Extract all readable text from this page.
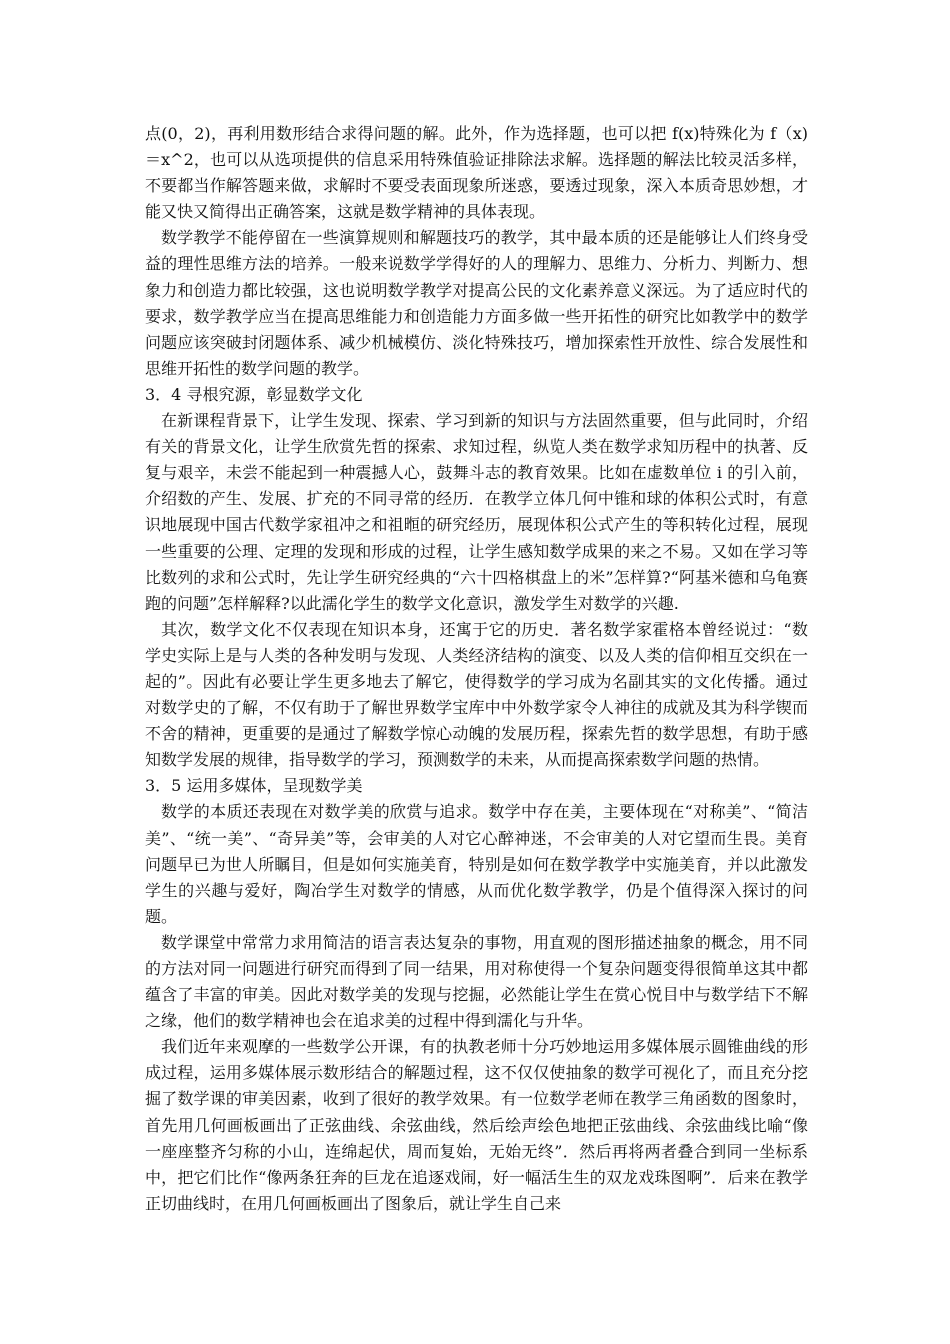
点(0，2)，再利用数形结合求得问题的解。此外，作为选择题，也可以把 f(x)特殊化为 f（x)＝x^2，也可以从选项提供的信息采用特殊值验证排除法求解。选择题的解法比较灵活多样，不要都当作解答题来做，求解时不要受表面现象所迷惑，要透过现象，深入本质奇思妙想，才能又快又简得出正确答案，这就是数学精神的具体表现。

数学教学不能停留在一些演算规则和解题技巧的教学，其中最本质的还是能够让人们终身受益的理性思维方法的培养。一般来说数学学得好的人的理解力、思维力、分析力、判断力、想象力和创造力都比较强，这也说明数学教学对提高公民的文化素养意义深远。为了适应时代的要求，数学教学应当在提高思维能力和创造能力方面多做一些开拓性的研究比如教学中的数学问题应该突破封闭题体系、减少机械模仿、淡化特殊技巧，增加探索性开放性、综合发展性和思维开拓性的数学问题的教学。

3．4 寻根究源，彰显数学文化

在新课程背景下，让学生发现、探索、学习到新的知识与方法固然重要，但与此同时，介绍有关的背景文化，让学生欣赏先哲的探索、求知过程，纵览人类在数学求知历程中的执著、反复与艰辛，未尝不能起到一种震撼人心，鼓舞斗志的教育效果。比如在虚数单位 i 的引入前，介绍数的产生、发展、扩充的不同寻常的经历．在教学立体几何中锥和球的体积公式时，有意识地展现中国古代数学家祖冲之和祖暅的研究经历，展现体积公式产生的等积转化过程，展现一些重要的公理、定理的发现和形成的过程，让学生感知数学成果的来之不易。又如在学习等比数列的求和公式时，先让学生研究经典的“六十四格棋盘上的米”怎样算?“阿基米德和乌龟赛跑的问题”怎样解释?以此濡化学生的数学文化意识，激发学生对数学的兴趣.

其次，数学文化不仅表现在知识本身，还寓于它的历史．著名数学家霍格本曾经说过：“数学史实际上是与人类的各种发明与发现、人类经济结构的演变、以及人类的信仰相互交织在一起的”。因此有必要让学生更多地去了解它，使得数学的学习成为名副其实的文化传播。通过对数学史的了解，不仅有助于了解世界数学宝库中中外数学家令人神往的成就及其为科学锲而不舍的精神，更重要的是通过了解数学惊心动魄的发展历程，探索先哲的数学思想，有助于感知数学发展的规律，指导数学的学习，预测数学的未来，从而提高探索数学问题的热情。

3．5 运用多媒体，呈现数学美

数学的本质还表现在对数学美的欣赏与追求。数学中存在美，主要体现在“对称美”、“简洁美”、“统一美”、“奇异美”等，会审美的人对它心醉神迷，不会审美的人对它望而生畏。美育问题早已为世人所瞩目，但是如何实施美育，特别是如何在数学教学中实施美育，并以此激发学生的兴趣与爱好，陶冶学生对数学的情感，从而优化数学教学，仍是个值得深入探讨的问题。

数学课堂中常常力求用简洁的语言表达复杂的事物，用直观的图形描述抽象的概念，用不同的方法对同一问题进行研究而得到了同一结果，用对称使得一个复杂问题变得很简单这其中都蕴含了丰富的审美。因此对数学美的发现与挖掘，必然能让学生在赏心悦目中与数学结下不解之缘，他们的数学精神也会在追求美的过程中得到濡化与升华。

我们近年来观摩的一些数学公开课，有的执教老师十分巧妙地运用多媒体展示圆锥曲线的形成过程，运用多媒体展示数形结合的解题过程，这不仅仅使抽象的数学可视化了，而且充分挖掘了数学课的审美因素，收到了很好的教学效果。有一位数学老师在教学三角函数的图象时，首先用几何画板画出了正弦曲线、余弦曲线，然后绘声绘色地把正弦曲线、余弦曲线比喻“像一座座整齐匀称的小山，连绵起伏，周而复始，无始无终”．然后再将两者叠合到同一坐标系中，把它们比作“像两条狂奔的巨龙在追逐戏闹，好一幅活生生的双龙戏珠图啊”．后来在教学正切曲线时，在用几何画板画出了图象后，就让学生自己来
